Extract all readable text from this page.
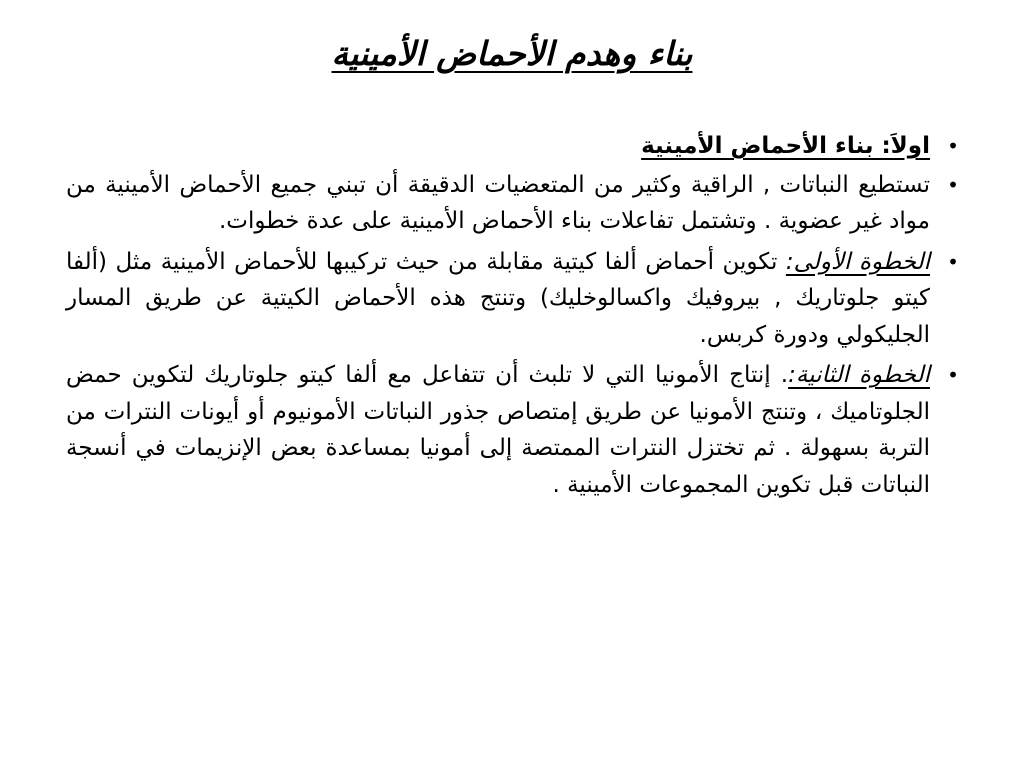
بناء وهدم الأحماض الأمينية
•
اولاَ: بناء الأحماض الأمينية
•
تستطيع النباتات , الراقية وكثير من المتعضيات الدقيقة أن تبني جميع الأحماض الأمينية من مواد غير عضوية . وتشتمل تفاعلات بناء الأحماض الأمينية على عدة خطوات.
•
الخطوة الأولى: تكوين أحماض ألفا كيتية مقابلة من حيث تركيبها للأحماض الأمينية مثل (ألفا كيتو جلوتاريك , بيروفيك واكسالوخليك) وتنتج هذه الأحماض الكيتية عن طريق المسار الجليكولي ودورة كربس.
•
الخطوة الثانية:. إنتاج الأمونيا التي لا تلبث أن تتفاعل مع ألفا كيتو جلوتاريك لتكوين حمض الجلوتاميك ، وتنتج الأمونيا عن طريق إمتصاص جذور النباتات الأمونيوم أو أيونات النترات من التربة بسهولة . ثم تختزل النترات الممتصة إلى أمونيا بمساعدة بعض الإنزيمات في أنسجة النباتات قبل تكوين المجموعات الأمينية .
